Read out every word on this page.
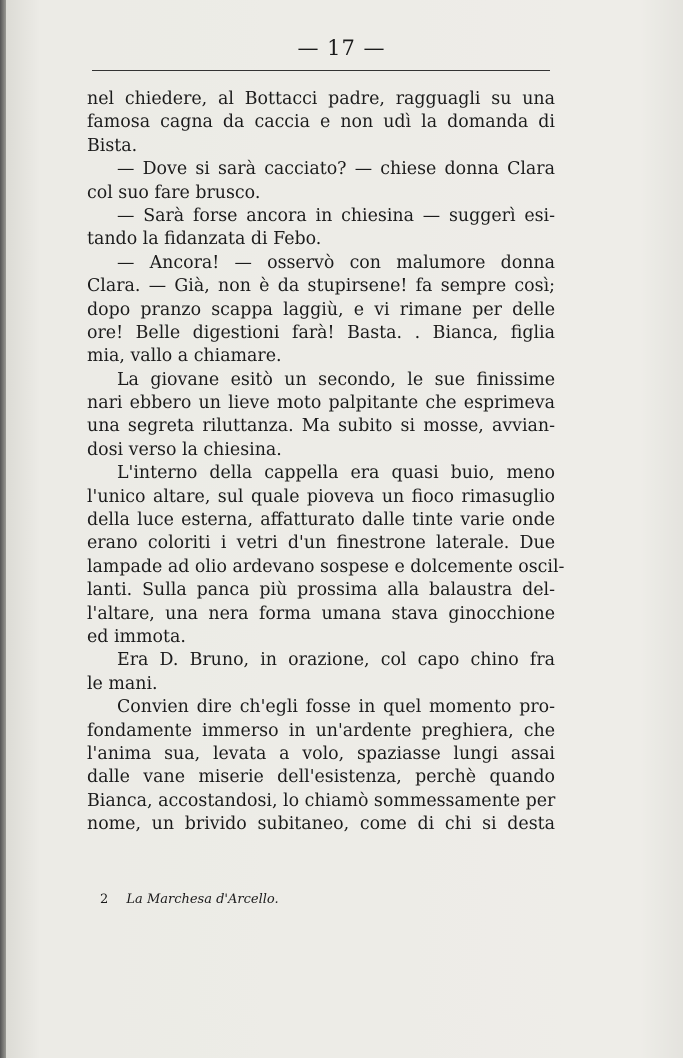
— 17 —
nel chiedere, al Bottacci padre, ragguagli su una
famosa cagna da caccia e non udì la domanda di
Bista.
— Dove si sarà cacciato? — chiese donna Clara
col suo fare brusco.
— Sarà forse ancora in chiesina — suggerì esi-
tando la fidanzata di Febo.
— Ancora! — osservò con malumore donna
Clara. — Già, non è da stupirsene! fa sempre così;
dopo pranzo scappa laggiù, e vi rimane per delle
ore! Belle digestioni farà! Basta. . Bianca, figlia
mia, vallo a chiamare.
La giovane esitò un secondo, le sue finissime
nari ebbero un lieve moto palpitante che esprimeva
una segreta riluttanza. Ma subito si mosse, avvian-
dosi verso la chiesina.
L'interno della cappella era quasi buio, meno
l'unico altare, sul quale pioveva un fioco rimasuglio
della luce esterna, affatturato dalle tinte varie onde
erano coloriti i vetri d'un finestrone laterale. Due
lampade ad olio ardevano sospese e dolcemente oscil-
lanti. Sulla panca più prossima alla balaustra del-
l'altare, una nera forma umana stava ginocchione
ed immota.
Era D. Bruno, in orazione, col capo chino fra
le mani.
Convien dire ch'egli fosse in quel momento pro-
fondamente immerso in un'ardente preghiera, che
l'anima sua, levata a volo, spaziasse lungi assai
dalle vane miserie dell'esistenza, perchè quando
Bianca, accostandosi, lo chiamò sommessamente per
nome, un brivido subitaneo, come di chi si desta
2 La Marchesa d'Arcello.
